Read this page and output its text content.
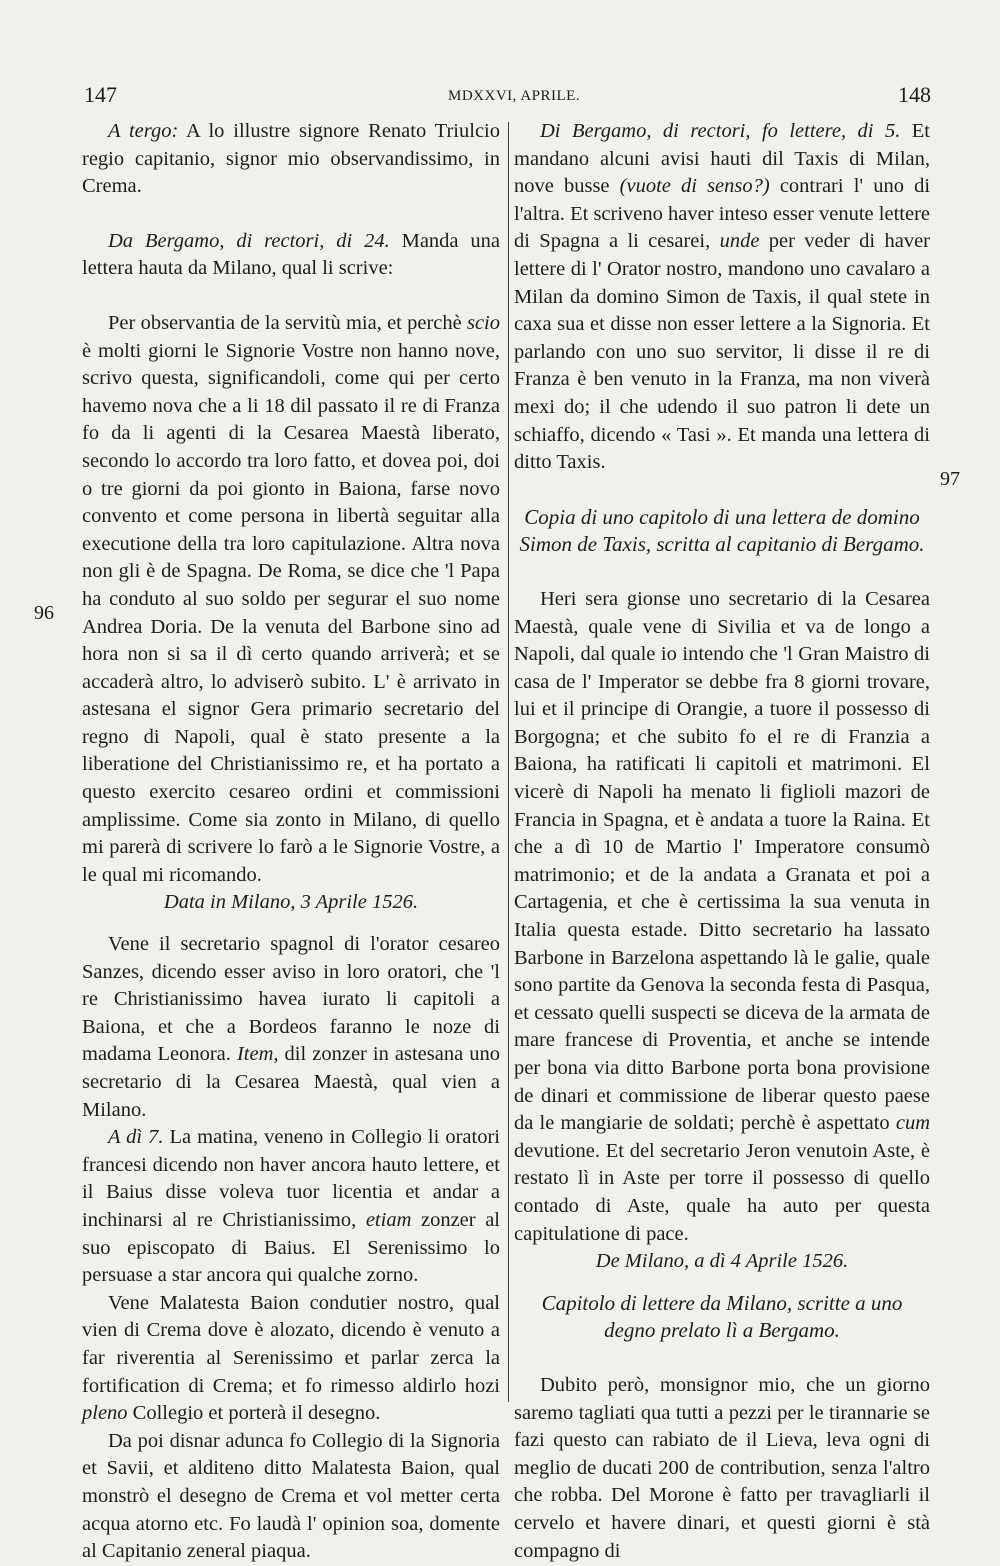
147	MDXXVI, APRILE.	148
96
97

A tergo: A lo illustre signore Renato Triulcio regio capitanio, signor mio observandissimo, in Crema.

Da Bergamo, di rectori, di 24. Manda una lettera hauta da Milano, qual li scrive:

Per observantia de la servitù mia, et perchè scio è molti giorni le Signorie Vostre non hanno nove, scrivo questa, significandoli, come qui per certo havemo nova che a li 18 dil passato il re di Franza fo da li agenti di la Cesarea Maestà liberato, secondo lo accordo tra loro fatto, et dovea poi, doi o tre giorni da poi gionto in Baiona, farse novo convento et come persona in libertà seguitar alla executione della tra loro capitulazione. Altra nova non gli è de Spagna. De Roma, se dice che 'l Papa ha conduto al suo soldo per segurar el suo nome Andrea Doria. De la venuta del Barbone sino ad hora non si sa il dì certo quando arriverà; et se accaderà altro, lo adviserò subito. L' è arrivato in astesana el signor Gera primario secretario del regno di Napoli, qual è stato presente a la liberatione del Christianissimo re, et ha portato a questo exercito cesareo ordini et commissioni amplissime. Come sia zonto in Milano, di quello mi parerà di scrivere lo farò a le Signorie Vostre, a le qual mi ricomando.

Data in Milano, 3 Aprile 1526.

Vene il secretario spagnol di l'orator cesareo Sanzes, dicendo esser aviso in loro oratori, che 'l re Christianissimo havea iurato li capitoli a Baiona, et che a Bordeos faranno le noze di madama Leonora. Item, dil zonzer in astesana uno secretario di la Cesarea Maestà, qual vien a Milano.

A dì 7. La matina, veneno in Collegio li oratori francesi dicendo non haver ancora hauto lettere, et il Baius disse voleva tuor licentia et andar a inchinarsi al re Christianissimo, etiam zonzer al suo episcopato di Baius. El Serenissimo lo persuase a star ancora qui qualche zorno.

Vene Malatesta Baion condutier nostro, qual vien di Crema dove è alozato, dicendo è venuto a far riverentia al Serenissimo et parlar zerca la fortification di Crema; et fo rimesso aldirlo hozi pleno Collegio et porterà il desegno.

Da poi disnar adunca fo Collegio di la Signoria et Savii, et alditeno ditto Malatesta Baion, qual monstrò el desegno de Crema et vol metter certa acqua atorno etc. Fo laudà l' opinion soa, domente al Capitanio zeneral piaqua.

Di Bergamo, di rectori, fo lettere, di 5. Et mandano alcuni avisi hauti dil Taxis di Milan, nove busse (vuote di senso?) contrari l' uno di l'altra. Et scriveno haver inteso esser venute lettere di Spagna a li cesarei, unde per veder di haver lettere di l' Orator nostro, mandono uno cavalaro a Milan da domino Simon de Taxis, il qual stete in caxa sua et disse non esser lettere a la Signoria. Et parlando con uno suo servitor, li disse il re di Franza è ben venuto in la Franza, ma non viverà mexi do; il che udendo il suo patron li dete un schiaffo, dicendo « Tasi ». Et manda una lettera di ditto Taxis.

Copia di uno capitolo di una lettera de domino Simon de Taxis, scritta al capitanio di Bergamo.

Heri sera gionse uno secretario di la Cesarea Maestà, quale vene di Sivilia et va de longo a Napoli, dal quale io intendo che 'l Gran Maistro di casa de l' Imperator se debbe fra 8 giorni trovare, lui et il principe di Orangie, a tuore il possesso di Borgogna; et che subito fo el re di Franzia a Baiona, ha ratificati li capitoli et matrimoni. El vicerè di Napoli ha menato li figlioli mazori de Francia in Spagna, et è andata a tuore la Raina. Et che a dì 10 de Martio l' Imperatore consumò matrimonio; et de la andata a Granata et poi a Cartagenia, et che è certissima la sua venuta in Italia questa estade. Ditto secretario ha lassato Barbone in Barzelona aspettando là le galie, quale sono partite da Genova la seconda festa di Pasqua, et cessato quelli suspecti se diceva de la armata de mare francese di Proventia, et anche se intende per bona via ditto Barbone porta bona provisione de dinari et commissione de liberar questo paese da le mangiarie de soldati; perchè è aspettato cum devutione. Et del secretario Jeron venutoin Aste, è restato lì in Aste per torre il possesso di quello contado di Aste, quale ha auto per questa capitulatione di pace.

De Milano, a dì 4 Aprile 1526.

Capitolo di lettere da Milano, scritte a uno degno prelato lì a Bergamo.

Dubito però, monsignor mio, che un giorno saremo tagliati qua tutti a pezzi per le tirannarie se fazi questo can rabiato de il Lieva, leva ogni di meglio de ducati 200 de contribution, senza l'altro che robba. Del Morone è fatto per travagliarli il cervelo et havere dinari, et questi giorni è stà compagno di
